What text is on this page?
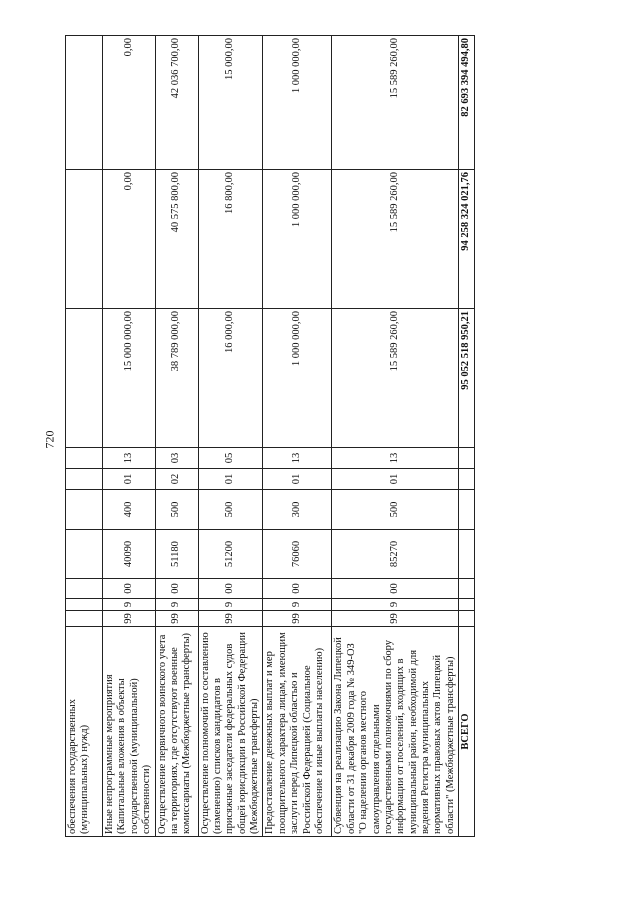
720
обеспечения государственных (муниципальных) нужд)										
Иные непрограммные мероприятия (Капитальные вложения в объекты государственной (муниципальной) собственности)	99	9	00	40090	400	01	13	15 000 000,00	0,00	0,00
Осуществление первичного воинского учета на территориях, где отсутствуют военные комиссариаты (Межбюджетные трансферты)	99	9	00	51180	500	02	03	38 789 000,00	40 575 800,00	42 036 700,00
Осуществление полномочий по составлению (изменению) списков кандидатов в присяжные заседатели федеральных судов общей юрисдикции в Российской Федерации (Межбюджетные трансферты)	99	9	00	51200	500	01	05	16 000,00	16 800,00	15 000,00
Предоставление денежных выплат и мер поощрительного характера лицам, имеющим заслуги перед Липецкой областью и Российской Федерацией (Социальное обеспечение и иные выплаты населению)	99	9	00	76060	300	01	13	1 000 000,00	1 000 000,00	1 000 000,00
Субвенция на реализацию Закона Липецкой области от 31 декабря 2009 года № 349-ОЗ "О наделении органов местного самоуправления отдельными государственными полномочиями по сбору информации от поселений, входящих в муниципальный район, необходимой для ведения Регистра муниципальных нормативных правовых актов Липецкой области" (Межбюджетные трансферты)	99	9	00	85270	500	01	13	15 589 260,00	15 589 260,00	15 589 260,00
ВСЕГО								95 052 518 950,21	94 258 324 021,76	82 693 394 494,80
